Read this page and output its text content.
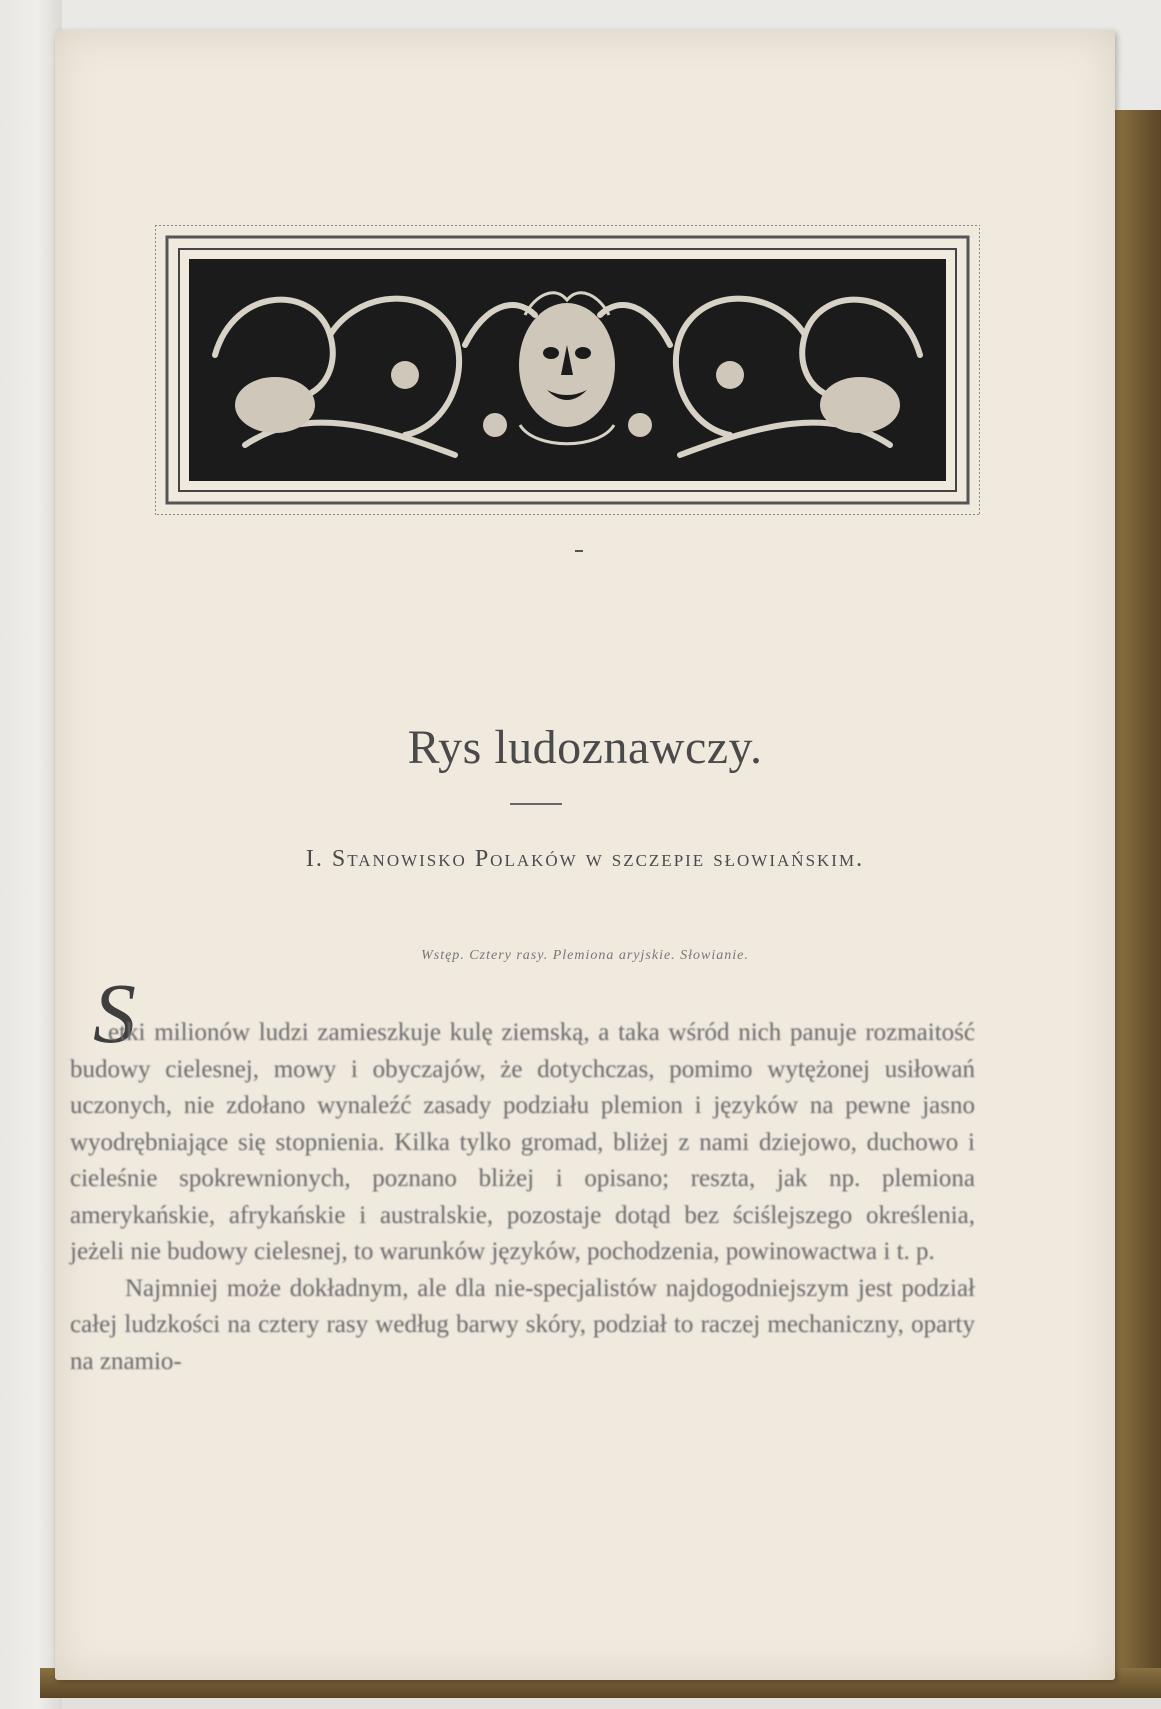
Rys ludoznawczy.
I. Stanowisko Polaków w szczepie słowiańskim.
Wstęp. Cztery rasy. Plemiona aryjskie. Słowianie.
S

etki milionów ludzi zamieszkuje kulę ziemską, a taka wśród nich panuje rozmaitość budowy cielesnej, mowy i obyczajów, że dotychczas, pomimo wytężonej usiłowań uczonych, nie zdołano wynaleźć zasady podziału plemion i języków na pewne jasno wyodrębniające się stopnienia. Kilka tylko gromad, bliżej z nami dziejowo, duchowo i cieleśnie spokrewnionych, poznano bliżej i opisano; reszta, jak np. plemiona amerykańskie, afrykańskie i australskie, pozostaje dotąd bez ściślejszego określenia, jeżeli nie budowy cielesnej, to warunków języków, pochodzenia, powinowactwa i t. p.

Najmniej może dokładnym, ale dla nie-specjalistów najdogodniejszym jest podział całej ludzkości na cztery rasy według barwy skóry, podział to raczej mechaniczny, oparty na znamio-
